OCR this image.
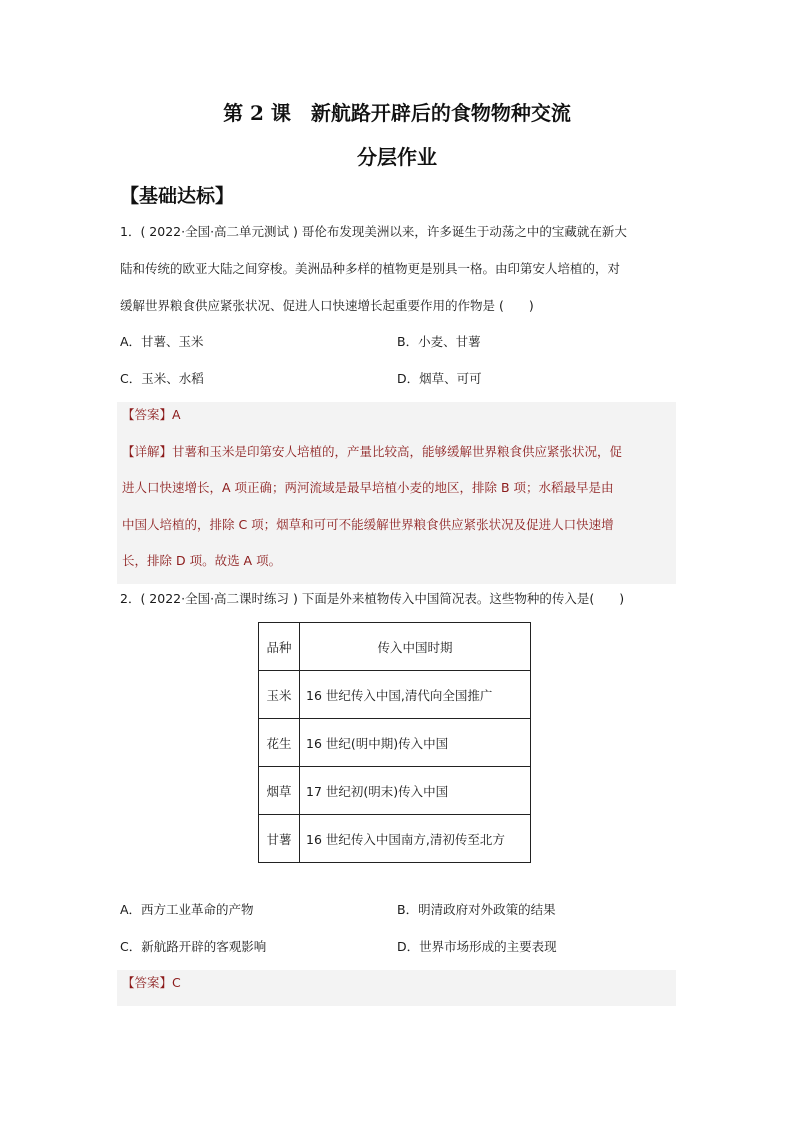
第 2 课　新航路开辟后的食物物种交流
分层作业
【基础达标】
1．( 2022·全国·高二单元测试 ) 哥伦布发现美洲以来，许多诞生于动荡之中的宝藏就在新大
陆和传统的欧亚大陆之间穿梭。美洲品种多样的植物更是别具一格。由印第安人培植的，对
缓解世界粮食供应紧张状况、促进人口快速增长起重要作用的作物是 (　　)
A．甘薯、玉米	B．小麦、甘薯
C．玉米、水稻	D．烟草、可可
【答案】A
【详解】甘薯和玉米是印第安人培植的，产量比较高，能够缓解世界粮食供应紧张状况，促
进人口快速增长，A 项正确；两河流域是最早培植小麦的地区，排除 B 项；水稻最早是由
中国人培植的，排除 C 项；烟草和可可不能缓解世界粮食供应紧张状况及促进人口快速增
长，排除 D 项。故选 A 项。
2．( 2022·全国·高二课时练习 ) 下面是外来植物传入中国简况表。这些物种的传入是(　　)
品种	传入中国时期
玉米	16 世纪传入中国,清代向全国推广
花生	16 世纪(明中期)传入中国
烟草	17 世纪初(明末)传入中国
甘薯	16 世纪传入中国南方,清初传至北方
A．西方工业革命的产物	B．明清政府对外政策的结果
C．新航路开辟的客观影响	D．世界市场形成的主要表现
【答案】C
